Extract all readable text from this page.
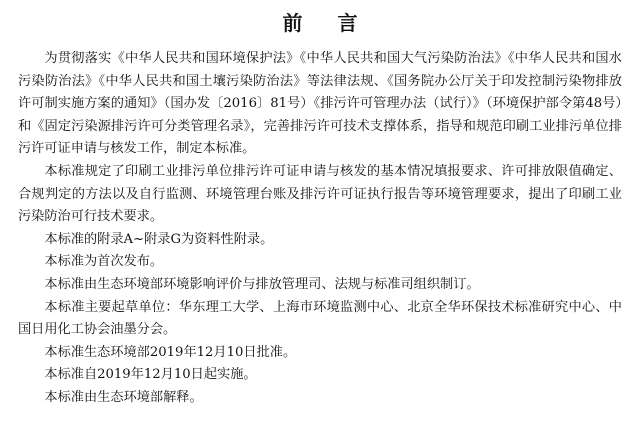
前 言

为贯彻落实《中华人民共和国环境保护法》《中华人民共和国大气污染防治法》《中华人民共和国水污染防治法》《中华人民共和国土壤污染防治法》等法律法规、《国务院办公厅关于印发控制污染物排放许可制实施方案的通知》（国办发〔2016〕81号）《排污许可管理办法（试行）》（环境保护部令第48号）和《固定污染源排污许可分类管理名录》，完善排污许可技术支撑体系，指导和规范印刷工业排污单位排污许可证申请与核发工作，制定本标准。

本标准规定了印刷工业排污单位排污许可证申请与核发的基本情况填报要求、许可排放限值确定、合规判定的方法以及自行监测、环境管理台账及排污许可证执行报告等环境管理要求，提出了印刷工业污染防治可行技术要求。

本标准的附录A~附录G为资料性附录。

本标准为首次发布。

本标准由生态环境部环境影响评价与排放管理司、法规与标准司组织制订。

本标准主要起草单位：华东理工大学、上海市环境监测中心、北京全华环保技术标准研究中心、中国日用化工协会油墨分会。

本标准生态环境部2019年12月10日批准。

本标准自2019年12月10日起实施。

本标准由生态环境部解释。
